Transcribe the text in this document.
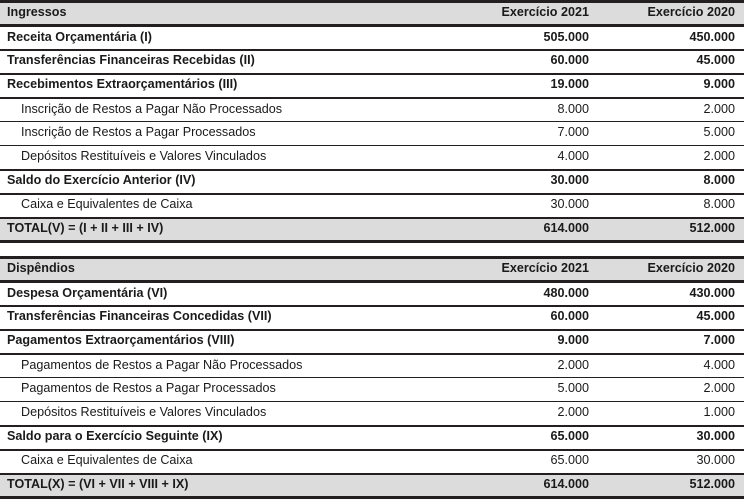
Ingressos	Exercício 2021	Exercício 2020
Receita Orçamentária (I)	505.000	450.000
Transferências Financeiras Recebidas (II)	60.000	45.000
Recebimentos Extraorçamentários (III)	19.000	9.000
Inscrição de Restos a Pagar Não Processados	8.000	2.000
Inscrição de Restos a Pagar Processados	7.000	5.000
Depósitos Restituíveis e Valores Vinculados	4.000	2.000
Saldo do Exercício Anterior (IV)	30.000	8.000
Caixa e Equivalentes de Caixa	30.000	8.000
TOTAL(V) = (I + II + III + IV)	614.000	512.000
Dispêndios	Exercício 2021	Exercício 2020
Despesa Orçamentária (VI)	480.000	430.000
Transferências Financeiras Concedidas (VII)	60.000	45.000
Pagamentos Extraorçamentários (VIII)	9.000	7.000
Pagamentos de Restos a Pagar Não Processados	2.000	4.000
Pagamentos de Restos a Pagar Processados	5.000	2.000
Depósitos Restituíveis e Valores Vinculados	2.000	1.000
Saldo para o Exercício Seguinte (IX)	65.000	30.000
Caixa e Equivalentes de Caixa	65.000	30.000
TOTAL(X) = (VI + VII + VIII + IX)	614.000	512.000
